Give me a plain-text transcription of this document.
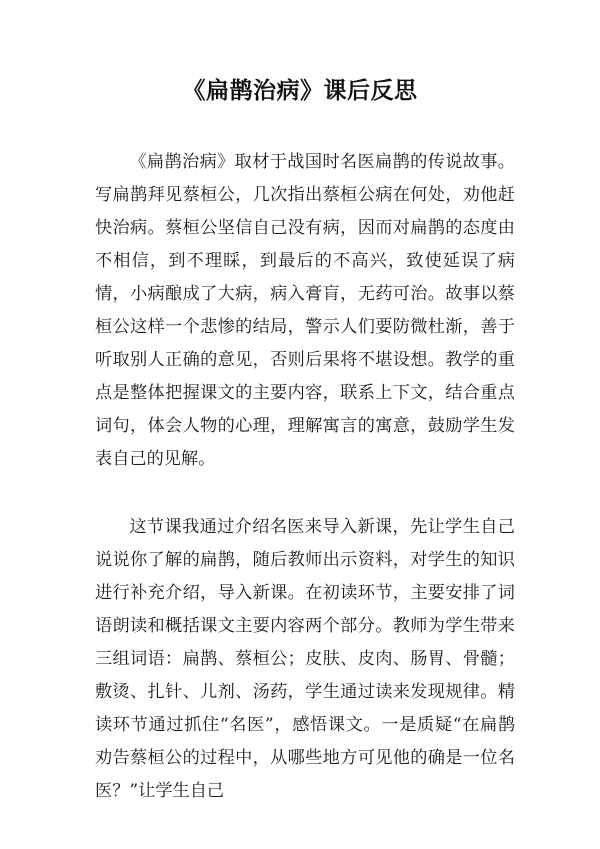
《扁鹊治病》课后反思

《扁鹊治病》取材于战国时名医扁鹊的传说故事。写扁鹊拜见蔡桓公，几次指出蔡桓公病在何处，劝他赶快治病。蔡桓公坚信自己没有病，因而对扁鹊的态度由不相信，到不理睬，到最后的不高兴，致使延误了病情，小病酿成了大病，病入膏肓，无药可治。故事以蔡桓公这样一个悲惨的结局，警示人们要防微杜渐，善于听取别人正确的意见，否则后果将不堪设想。教学的重点是整体把握课文的主要内容，联系上下文，结合重点词句，体会人物的心理，理解寓言的寓意，鼓励学生发表自己的见解。

这节课我通过介绍名医来导入新课，先让学生自己说说你了解的扁鹊，随后教师出示资料，对学生的知识进行补充介绍，导入新课。在初读环节，主要安排了词语朗读和概括课文主要内容两个部分。教师为学生带来三组词语：扁鹊、蔡桓公；皮肤、皮肉、肠胃、骨髓；敷烫、扎针、儿剂、汤药，学生通过读来发现规律。精读环节通过抓住“名医”，感悟课文。一是质疑“在扁鹊劝告蔡桓公的过程中，从哪些地方可见他的确是一位名医？”让学生自己
